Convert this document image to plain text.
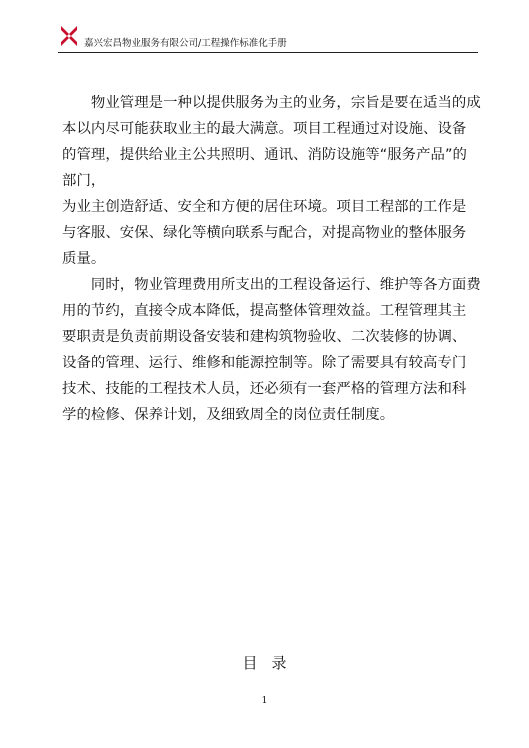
嘉兴宏昌物业服务有限公司/工程操作标准化手册
　　物业管理是一种以提供服务为主的业务，宗旨是要在适当的成
本以内尽可能获取业主的最大满意。项目工程通过对设施、设备
的管理，提供给业主公共照明、通讯、消防设施等“服务产品”的
部门，
为业主创造舒适、安全和方便的居住环境。项目工程部的工作是
与客服、安保、绿化等横向联系与配合，对提高物业的整体服务
质量。
　　同时，物业管理费用所支出的工程设备运行、维护等各方面费
用的节约，直接令成本降低，提高整体管理效益。工程管理其主
要职责是负责前期设备安装和建构筑物验收、二次装修的协调、
设备的管理、运行、维修和能源控制等。除了需要具有较高专门
技术、技能的工程技术人员，还必须有一套严格的管理方法和科
学的检修、保养计划，及细致周全的岗位责任制度。
目录
1
